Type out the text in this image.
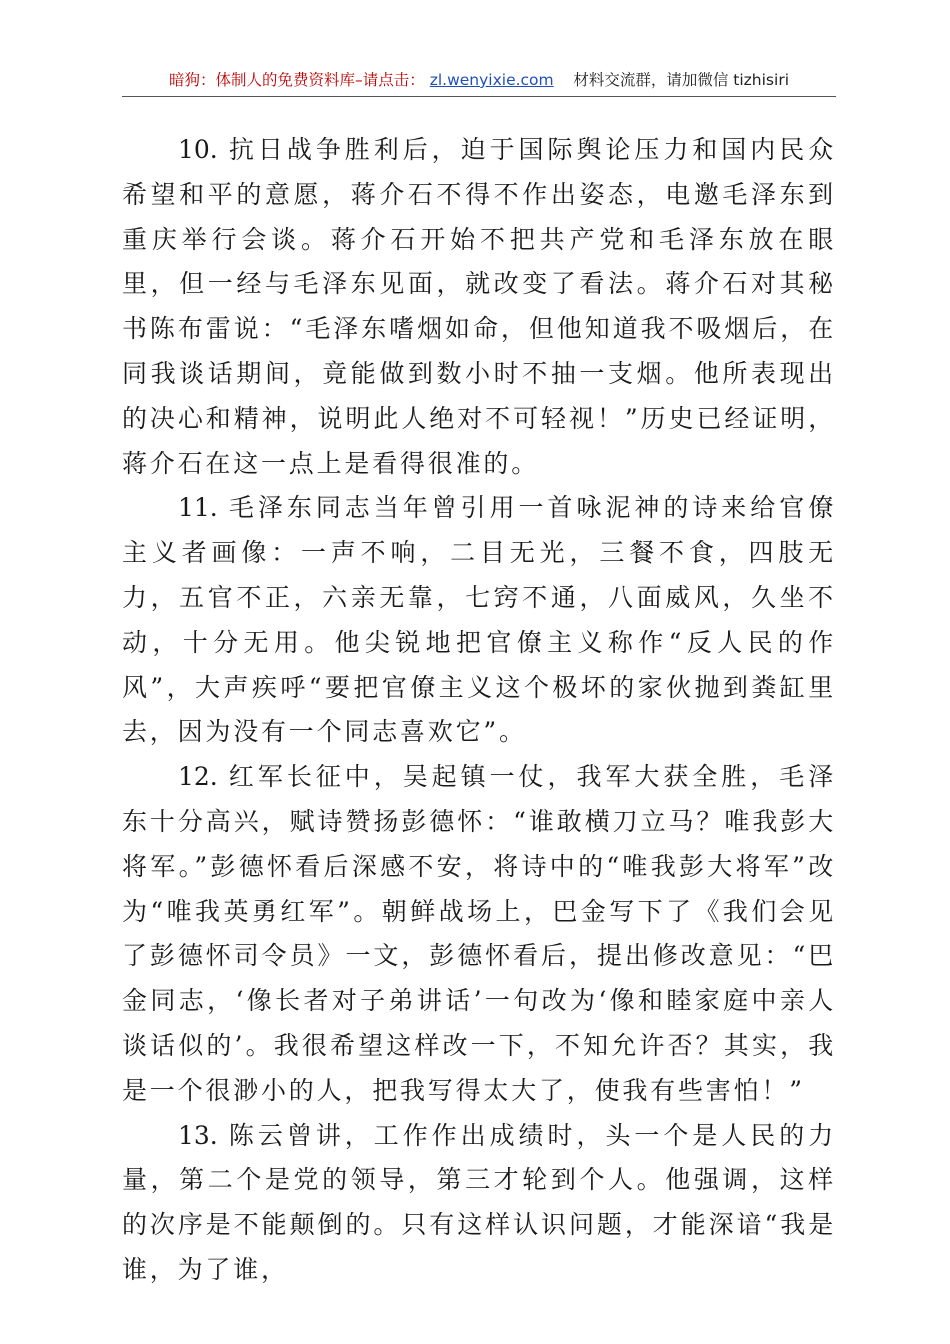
暗狗：体制人的免费资料库–请点击： zl.wenyixie.com 材料交流群，请加微信 tizhisiri

10. 抗日战争胜利后，迫于国际舆论压力和国内民众希望和平的意愿，蒋介石不得不作出姿态，电邀毛泽东到重庆举行会谈。蒋介石开始不把共产党和毛泽东放在眼里，但一经与毛泽东见面，就改变了看法。蒋介石对其秘书陈布雷说：“毛泽东嗜烟如命，但他知道我不吸烟后，在同我谈话期间，竟能做到数小时不抽一支烟。他所表现出的决心和精神，说明此人绝对不可轻视！”历史已经证明，蒋介石在这一点上是看得很准的。

11. 毛泽东同志当年曾引用一首咏泥神的诗来给官僚主义者画像：一声不响，二目无光，三餐不食，四肢无力，五官不正，六亲无靠，七窍不通，八面威风，久坐不动，十分无用。他尖锐地把官僚主义称作“反人民的作风”，大声疾呼“要把官僚主义这个极坏的家伙抛到粪缸里去，因为没有一个同志喜欢它”。

12. 红军长征中，吴起镇一仗，我军大获全胜，毛泽东十分高兴，赋诗赞扬彭德怀：“谁敢横刀立马？唯我彭大将军。”彭德怀看后深感不安，将诗中的“唯我彭大将军”改为“唯我英勇红军”。朝鲜战场上，巴金写下了《我们会见了彭德怀司令员》一文，彭德怀看后，提出修改意见：“巴金同志，‘像长者对子弟讲话’一句改为‘像和睦家庭中亲人谈话似的’。我很希望这样改一下，不知允许否？其实，我是一个很渺小的人，把我写得太大了，使我有些害怕！”

13. 陈云曾讲，工作作出成绩时，头一个是人民的力量，第二个是党的领导，第三才轮到个人。他强调，这样的次序是不能颠倒的。只有这样认识问题，才能深谙“我是谁，为了谁，
